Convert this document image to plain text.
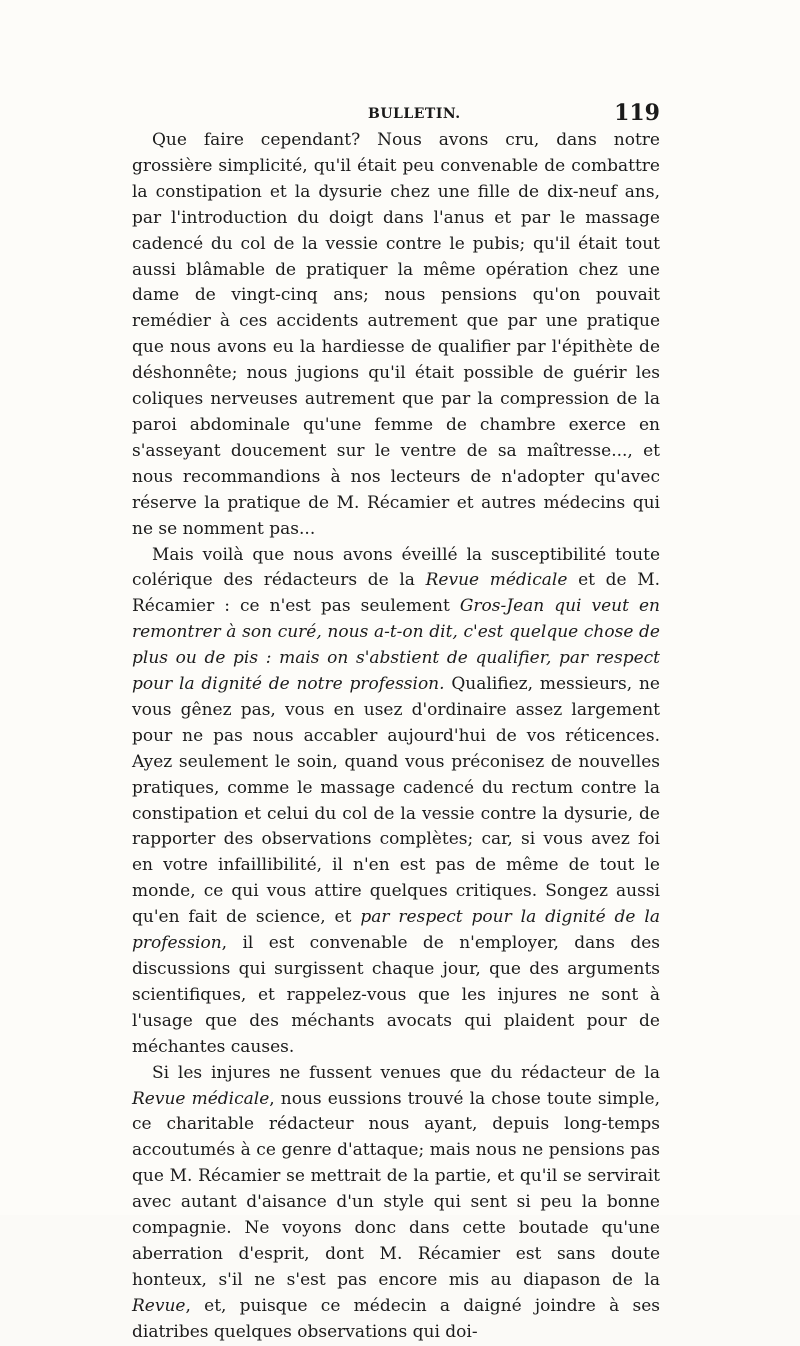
BULLETIN.	119

Que faire cependant? Nous avons cru, dans notre grossière simplicité, qu'il était peu convenable de combattre la constipation et la dysurie chez une fille de dix-neuf ans, par l'introduction du doigt dans l'anus et par le massage cadencé du col de la vessie contre le pubis; qu'il était tout aussi blâmable de pratiquer la même opération chez une dame de vingt-cinq ans; nous pensions qu'on pouvait remédier à ces accidents autrement que par une pratique que nous avons eu la hardiesse de qualifier par l'épithète de déshonnête; nous jugions qu'il était possible de guérir les coliques nerveuses autrement que par la compression de la paroi abdominale qu'une femme de chambre exerce en s'asseyant doucement sur le ventre de sa maîtresse..., et nous recommandions à nos lecteurs de n'adopter qu'avec réserve la pratique de M. Récamier et autres médecins qui ne se nomment pas...

Mais voilà que nous avons éveillé la susceptibilité toute colérique des rédacteurs de la Revue médicale et de M. Récamier : ce n'est pas seulement Gros-Jean qui veut en remontrer à son curé, nous a-t-on dit, c'est quelque chose de plus ou de pis : mais on s'abstient de qualifier, par respect pour la dignité de notre profession. Qualifiez, messieurs, ne vous gênez pas, vous en usez d'ordinaire assez largement pour ne pas nous accabler aujourd'hui de vos réticences. Ayez seulement le soin, quand vous préconisez de nouvelles pratiques, comme le massage cadencé du rectum contre la constipation et celui du col de la vessie contre la dysurie, de rapporter des observations complètes; car, si vous avez foi en votre infaillibilité, il n'en est pas de même de tout le monde, ce qui vous attire quelques critiques. Songez aussi qu'en fait de science, et par respect pour la dignité de la profession, il est convenable de n'employer, dans des discussions qui surgissent chaque jour, que des arguments scientifiques, et rappelez-vous que les injures ne sont à l'usage que des méchants avocats qui plaident pour de méchantes causes.

Si les injures ne fussent venues que du rédacteur de la Revue médicale, nous eussions trouvé la chose toute simple, ce charitable rédacteur nous ayant, depuis long-temps accoutumés à ce genre d'attaque; mais nous ne pensions pas que M. Récamier se mettrait de la partie, et qu'il se servirait avec autant d'aisance d'un style qui sent si peu la bonne compagnie. Ne voyons donc dans cette boutade qu'une aberration d'esprit, dont M. Récamier est sans doute honteux, s'il ne s'est pas encore mis au diapason de la Revue, et, puisque ce médecin a daigné joindre à ses diatribes quelques observations qui doi-
